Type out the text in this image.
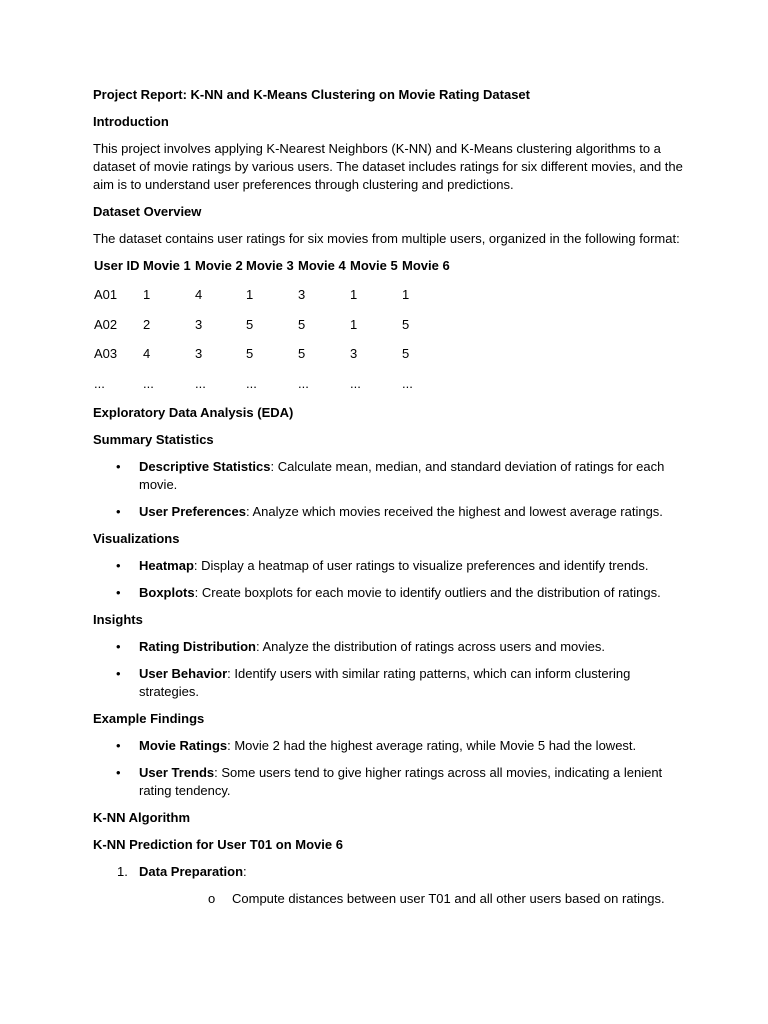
Project Report: K-NN and K-Means Clustering on Movie Rating Dataset
Introduction
This project involves applying K-Nearest Neighbors (K-NN) and K-Means clustering algorithms to a dataset of movie ratings by various users. The dataset includes ratings for six different movies, and the aim is to understand user preferences through clustering and predictions.
Dataset Overview
The dataset contains user ratings for six movies from multiple users, organized in the following format:
User ID	Movie 1	Movie 2	Movie 3	Movie 4	Movie 5	Movie 6
A01	1	4	1	3	1	1
A02	2	3	5	5	1	5
A03	4	3	5	5	3	5
...	...	...	...	...	...	...
Exploratory Data Analysis (EDA)
Summary Statistics
• Descriptive Statistics: Calculate mean, median, and standard deviation of ratings for each movie.
• User Preferences: Analyze which movies received the highest and lowest average ratings.
Visualizations
• Heatmap: Display a heatmap of user ratings to visualize preferences and identify trends.
• Boxplots: Create boxplots for each movie to identify outliers and the distribution of ratings.
Insights
• Rating Distribution: Analyze the distribution of ratings across users and movies.
• User Behavior: Identify users with similar rating patterns, which can inform clustering strategies.
Example Findings
• Movie Ratings: Movie 2 had the highest average rating, while Movie 5 had the lowest.
• User Trends: Some users tend to give higher ratings across all movies, indicating a lenient rating tendency.
K-NN Algorithm
K-NN Prediction for User T01 on Movie 6
1. Data Preparation:
o Compute distances between user T01 and all other users based on ratings.
